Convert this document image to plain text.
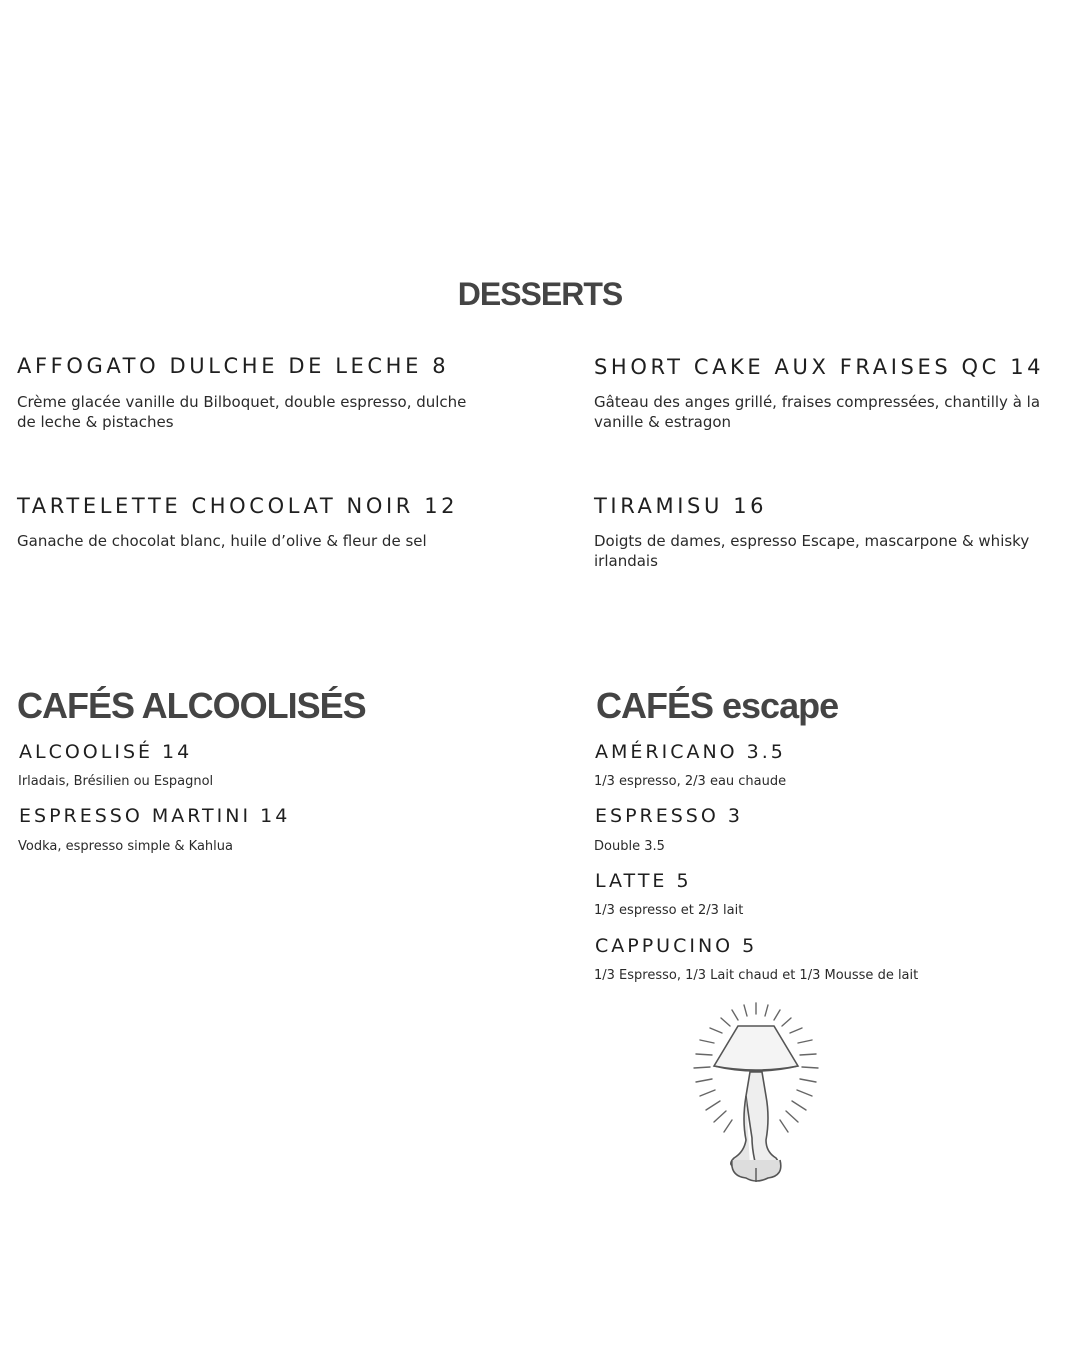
DESSERTS
AFFOGATO DULCHE DE LECHE 8
Crème glacée vanille du Bilboquet, double espresso, dulche de leche & pistaches
SHORT CAKE AUX FRAISES QC 14
Gâteau des anges grillé, fraises compressées, chantilly à la vanille & estragon
TARTELETTE CHOCOLAT NOIR 12
Ganache de chocolat blanc, huile d’olive & fleur de sel
TIRAMISU 16
Doigts de dames, espresso Escape, mascarpone & whisky irlandais
CAFÉS ALCOOLISÉS
ALCOOLISÉ 14
Irladais, Brésilien ou Espagnol
ESPRESSO MARTINI 14
Vodka, espresso simple & Kahlua
CAFÉS escape
AMÉRICANO 3.5
1/3 espresso, 2/3 eau chaude
ESPRESSO 3
Double 3.5
LATTE 5
1/3 espresso et 2/3 lait
CAPPUCINO 5
1/3 Espresso, 1/3 Lait chaud et 1/3 Mousse de lait
